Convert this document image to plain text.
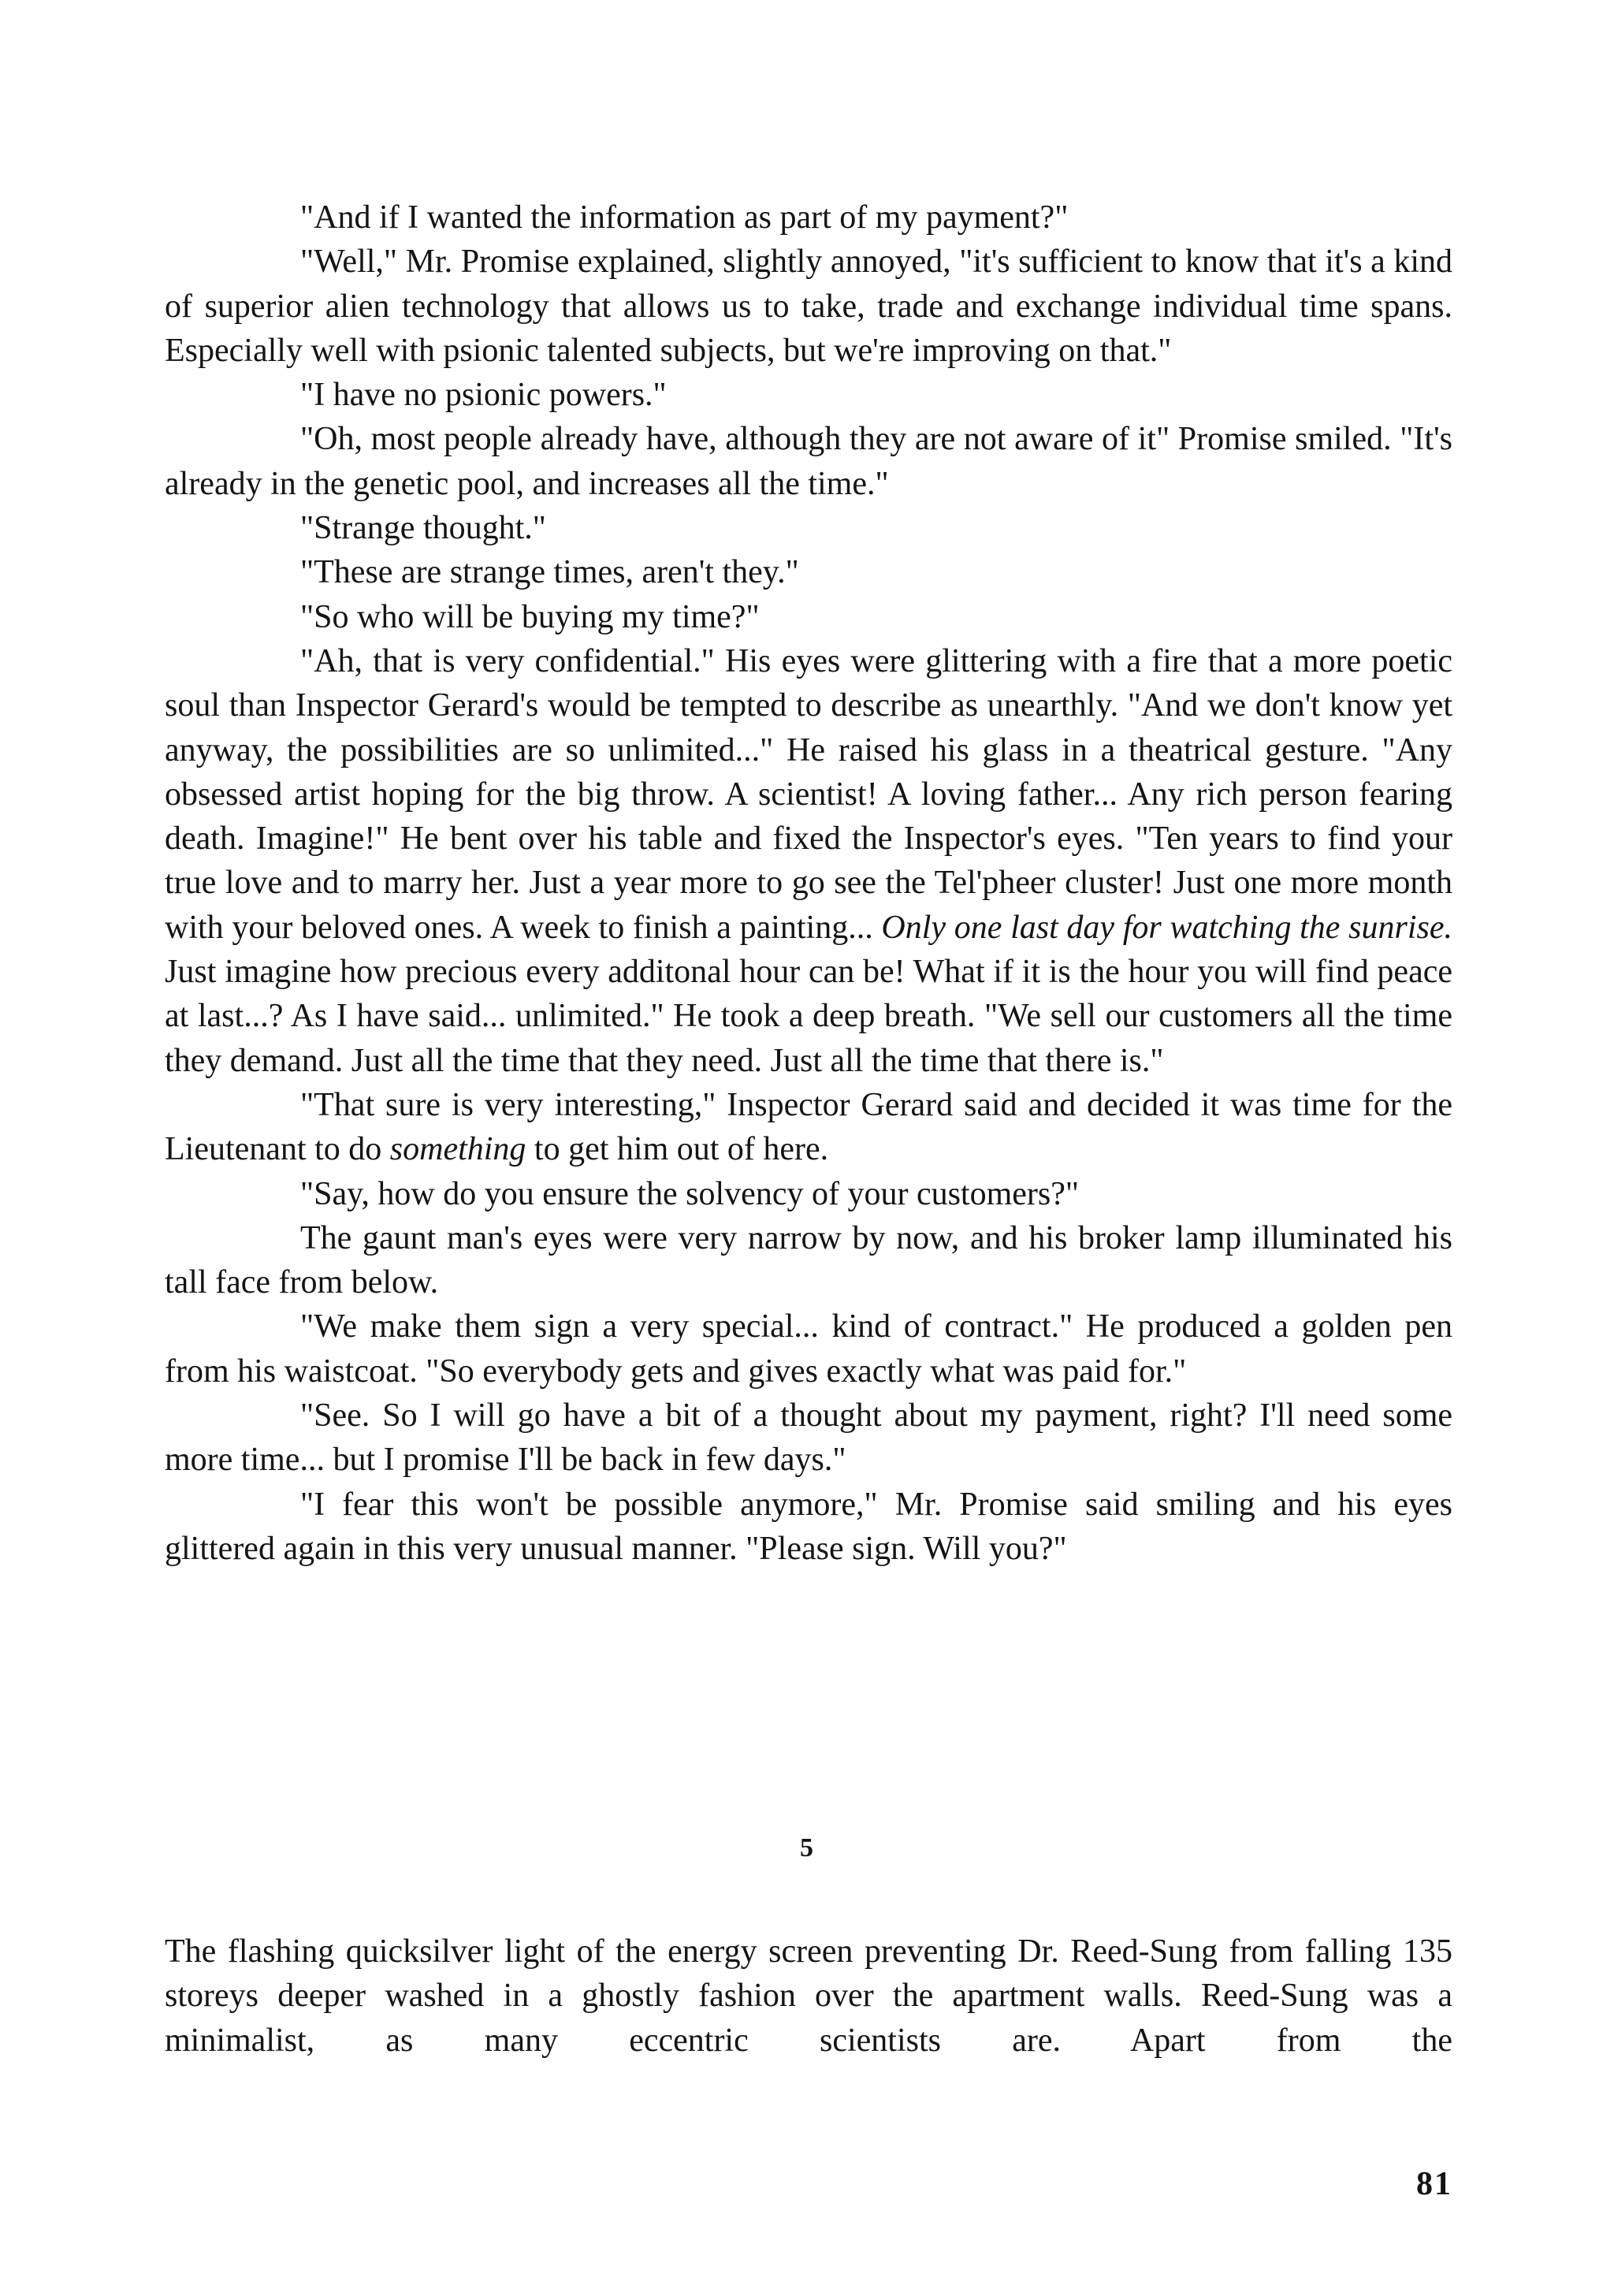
"And if I wanted the information as part of my payment?"

"Well," Mr. Promise explained, slightly annoyed, "it's sufficient to know that it's a kind of superior alien technology that allows us to take, trade and exchange individual time spans. Especially well with psionic talented subjects, but we're improving on that."

"I have no psionic powers."

"Oh, most people already have, although they are not aware of it" Promise smiled. "It's already in the genetic pool, and increases all the time."

"Strange thought."

"These are strange times, aren't they."

"So who will be buying my time?"

"Ah, that is very confidential." His eyes were glittering with a fire that a more poetic soul than Inspector Gerard's would be tempted to describe as unearthly. "And we don't know yet anyway, the possibilities are so unlimited..." He raised his glass in a theatrical gesture. "Any obsessed artist hoping for the big throw. A scientist! A loving father... Any rich person fearing death. Imagine!" He bent over his table and fixed the Inspector's eyes. "Ten years to find your true love and to marry her. Just a year more to go see the Tel'pheer cluster! Just one more month with your beloved ones. A week to finish a painting... Only one last day for watching the sunrise. Just imagine how precious every additonal hour can be! What if it is the hour you will find peace at last...? As I have said... unlimited." He took a deep breath. "We sell our customers all the time they demand. Just all the time that they need. Just all the time that there is."

"That sure is very interesting," Inspector Gerard said and decided it was time for the Lieutenant to do something to get him out of here.

"Say, how do you ensure the solvency of your customers?"

The gaunt man's eyes were very narrow by now, and his broker lamp illuminated his tall face from below.

"We make them sign a very special... kind of contract." He produced a golden pen from his waistcoat. "So everybody gets and gives exactly what was paid for."

"See. So I will go have a bit of a thought about my payment, right? I'll need some more time... but I promise I'll be back in few days."

"I fear this won't be possible anymore," Mr. Promise said smiling and his eyes glittered again in this very unusual manner. "Please sign. Will you?"

5

The flashing quicksilver light of the energy screen preventing Dr. Reed-Sung from falling 135 storeys deeper washed in a ghostly fashion over the apartment walls. Reed-Sung was a minimalist, as many eccentric scientists are. Apart from the

81
